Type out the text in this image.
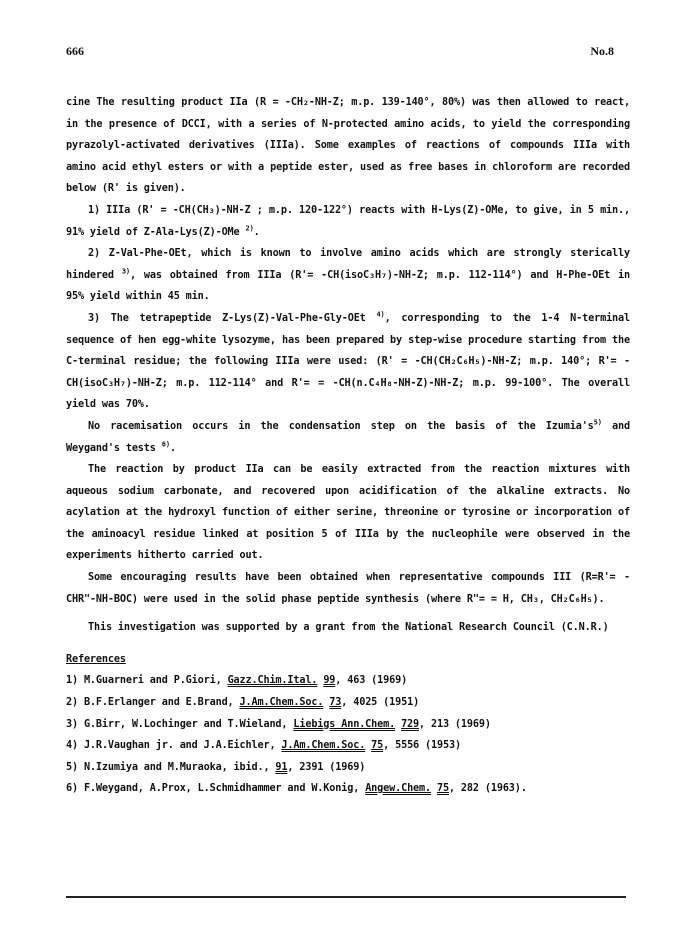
666	No.8

cine The resulting product IIa (R = -CH₂-NH-Z; m.p. 139-140°, 80%) was then allowed to react, in the presence of DCCI, with a series of N-protected amino acids, to yield the corresponding pyrazolyl-activated derivatives (IIIa). Some examples of reactions of compounds IIIa with amino acid ethyl esters or with a peptide ester, used as free bases in chloroform are recorded below (R' is given).

1) IIIa (R' = -CH(CH₃)-NH-Z ; m.p. 120-122°) reacts with H-Lys(Z)-OMe, to give, in 5 min., 91% yield of Z-Ala-Lys(Z)-OMe $^{2)}$.

2) Z-Val-Phe-OEt, which is known to involve amino acids which are strongly sterically hindered $^{3)}$, was obtained from IIIa (R'= -CH(isoC₃H₇)-NH-Z; m.p. 112-114°) and H-Phe-OEt in 95% yield within 45 min.

3) The tetrapeptide Z-Lys(Z)-Val-Phe-Gly-OEt $^{4)}$, corresponding to the 1-4 N-terminal sequence of hen egg-white lysozyme, has been prepared by step-wise procedure starting from the C-terminal residue; the following IIIa were used: (R' = -CH(CH₂C₆H₅)-NH-Z; m.p. 140°; R'= -CH(isoC₃H₇)-NH-Z; m.p. 112-114° and R'= = -CH(n.C₄H₈-NH-Z)-NH-Z; m.p. 99-100°. The overall yield was 70%.

No racemisation occurs in the condensation step on the basis of the $Izumia's^{5)}$ and Weygand's tests $^{6)}$.

The reaction by product IIa can be easily extracted from the reaction mixtures with aqueous sodium carbonate, and recovered upon acidification of the alkaline extracts. No acylation at the hydroxyl function of either serine, threonine or tyrosine or incorporation of the aminoacyl residue linked at position 5 of IIIa by the nucleophile were observed in the experiments hitherto carried out.

Some encouraging results have been obtained when representative compounds III (R=R'= -CHR"-NH-BOC) were used in the solid phase peptide synthesis (where R"= = H, CH₃, CH₂C₆H₅).

This investigation was supported by a grant from the National Research Council (C.N.R.)

References

1) M.Guarneri and P.Giori, Gazz.Chim.Ital. 99, 463 (1969)
2) B.F.Erlanger and E.Brand, J.Am.Chem.Soc. 73, 4025 (1951)
3) G.Birr, W.Lochinger and T.Wieland, Liebigs Ann.Chem. 729, 213 (1969)
4) J.R.Vaughan jr. and J.A.Eichler, J.Am.Chem.Soc. 75, 5556 (1953)
5) N.Izumiya and M.Muraoka, ibid., 91, 2391 (1969)
6) F.Weygand, A.Prox, L.Schmidhammer and W.Konig, Angew.Chem. 75, 282 (1963).
